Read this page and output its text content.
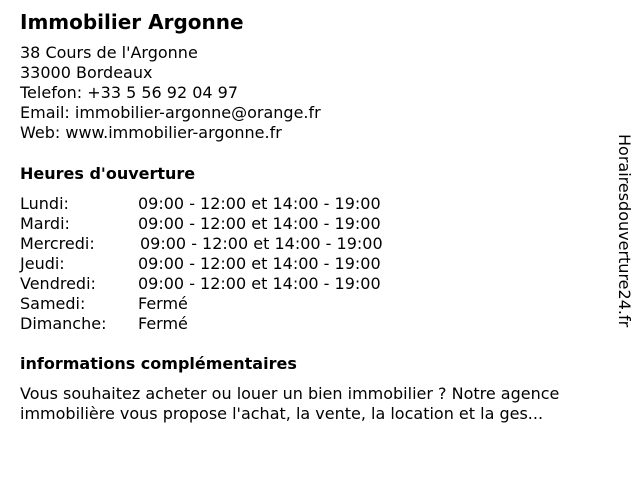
Immobilier Argonne
38 Cours de l'Argonne
33000 Bordeaux
Telefon: +33 5 56 92 04 97
Email: immobilier-argonne@orange.fr
Web: www.immobilier-argonne.fr
Heures d'ouverture
Lundi:	09:00 - 12:00 et 14:00 - 19:00
Mardi:	09:00 - 12:00 et 14:00 - 19:00
Mercredi:	09:00 - 12:00 et 14:00 - 19:00
Jeudi:	09:00 - 12:00 et 14:00 - 19:00
Vendredi:	09:00 - 12:00 et 14:00 - 19:00
Samedi:	Fermé
Dimanche: Fermé
informations complémentaires
Vous souhaitez acheter ou louer un bien immobilier ? Notre agence immobilière vous propose l'achat, la vente, la location et la ges...
Horairesdouverture24.fr
